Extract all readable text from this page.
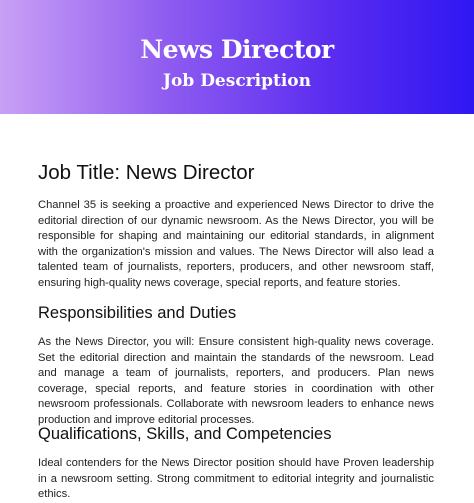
News Director
Job Description
Job Title: News Director

Channel 35 is seeking a proactive and experienced News Director to drive the editorial direction of our dynamic newsroom. As the News Director, you will be responsible for shaping and maintaining our editorial standards, in alignment with the organization's mission and values. The News Director will also lead a talented team of journalists, reporters, producers, and other newsroom staff, ensuring high-quality news coverage, special reports, and feature stories.

Responsibilities and Duties

As the News Director, you will: Ensure consistent high-quality news coverage. Set the editorial direction and maintain the standards of the newsroom. Lead and manage a team of journalists, reporters, and producers. Plan news coverage, special reports, and feature stories in coordination with other newsroom professionals. Collaborate with newsroom leaders to enhance news production and improve editorial processes.

Qualifications, Skills, and Competencies

Ideal contenders for the News Director position should have Proven leadership in a newsroom setting. Strong commitment to editorial integrity and journalistic ethics.
